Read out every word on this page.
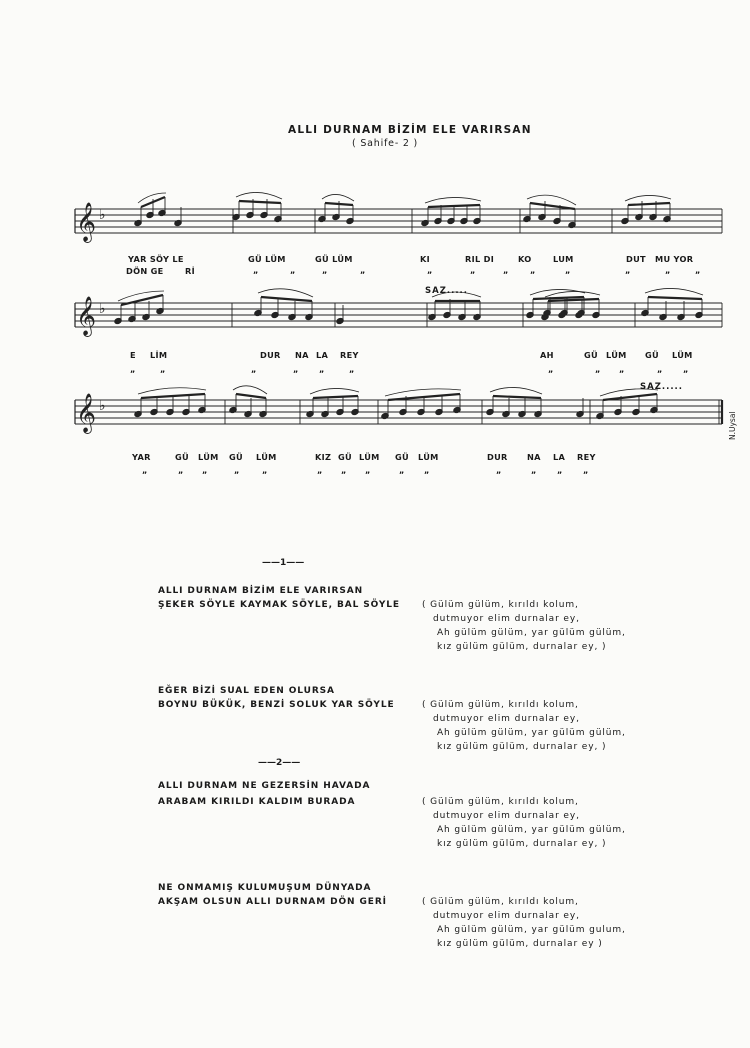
ALLI DURNAM BİZİM ELE VARIRSAN
( Sahife- 2 )
𝄞 ♭
𝄞 ♭
𝄞 ♭
YAR SÖY LE	GÜ LÜM	GÜ LÜM	KI	RIL DI	KO	LUM	DUT MU YOR
DÖN GE	Rİ	„	„	„	„	„	„	„	„	„	„	„	„
E LİM	DUR NA LA REY	AH	GÜ LÜM GÜ LÜM
„	„	„	„ „	„	„	„ „	„ „
YAR	GÜ LÜM GÜ LÜM	KIZ GÜ LÜM GÜ LÜM	DUR NA LA REY
„	„ „	„	„	„ „ „	„ „	„	„ „ „
SAZ.....
SAZ.....
N.Uysal
——1——
ALLI DURNAM BİZİM ELE VARIRSAN
ŞEKER SÖYLE KAYMAK SÖYLE, BAL SÖYLE ( Gülüm gülüm, kırıldı kolum,
dutmuyor elim durnalar ey,
Ah gülüm gülüm, yar gülüm gülüm,
kız gülüm gülüm, durnalar ey, )
EĞER BİZİ SUAL EDEN OLURSA
BOYNU BÜKÜK, BENZİ SOLUK YAR SÖYLE	( Gülüm gülüm, kırıldı kolum,
dutmuyor elim durnalar ey,
Ah gülüm gülüm, yar gülüm gülüm,
kız gülüm gülüm, durnalar ey, )
——2——
ALLI DURNAM NE GEZERSİN HAVADA
ARABAM KIRILDI KALDIM BURADA	( Gülüm gülüm, kırıldı kolum,
dutmuyor elim durnalar ey,
Ah gülüm gülüm, yar gülüm gülüm,
kız gülüm gülüm, durnalar ey, )
NE ONMAMIŞ KULUMUŞUM DÜNYADA
AKŞAM OLSUN ALLI DURNAM DÖN GERİ	( Gülüm gülüm, kırıldı kolum,
dutmuyor elim durnalar ey,
Ah gülüm gülüm, yar gülüm gulum,
kız gülüm gülüm, durnalar ey )
